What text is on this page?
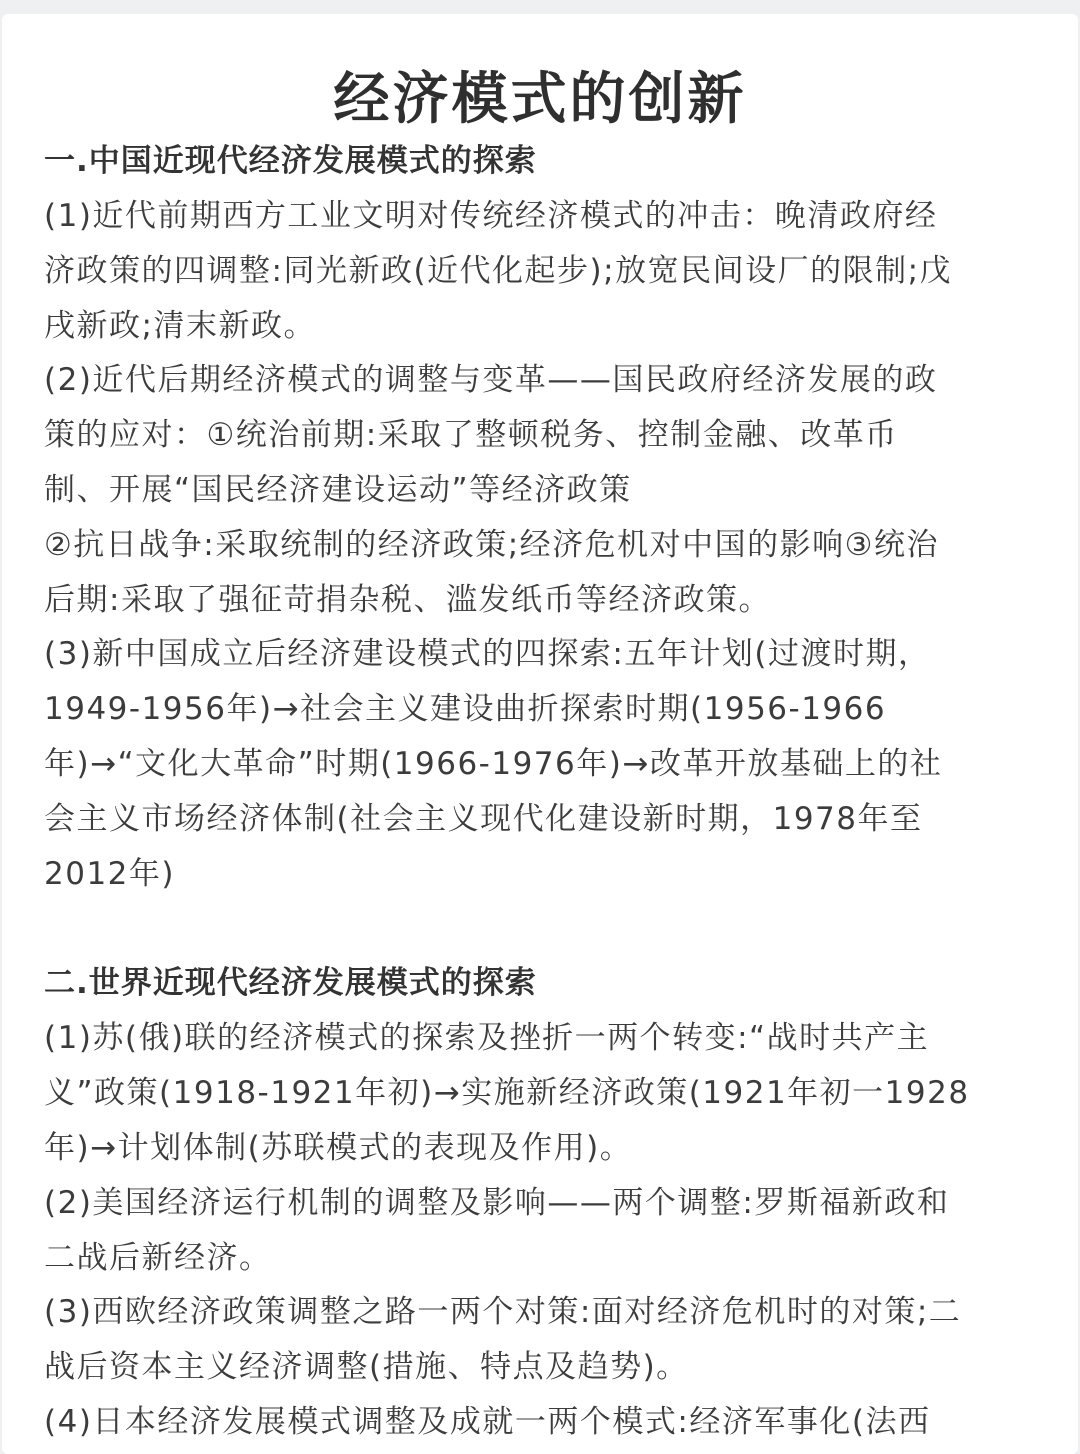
经济模式的创新
一.中国近现代经济发展模式的探索

(1)近代前期西方工业文明对传统经济模式的冲击：晚清政府经
济政策的四调整:同光新政(近代化起步);放宽民间设厂的限制;戊
戌新政;清末新政。

(2)近代后期经济模式的调整与变革——国民政府经济发展的政
策的应对：①统治前期:采取了整顿税务、控制金融、改革币
制、开展“国民经济建设运动”等经济政策
②抗日战争:采取统制的经济政策;经济危机对中国的影响③统治
后期:采取了强征苛捐杂税、滥发纸币等经济政策。

(3)新中国成立后经济建设模式的四探索:五年计划(过渡时期，
1949-1956年)→社会主义建设曲折探索时期(1956-1966
年)→“文化大革命”时期(1966-1976年)→改革开放基础上的社
会主义市场经济体制(社会主义现代化建设新时期，1978年至
2012年)

二.世界近现代经济发展模式的探索

(1)苏(俄)联的经济模式的探索及挫折一两个转变:“战时共产主
义”政策(1918-1921年初)→实施新经济政策(1921年初一1928
年)→计划体制(苏联模式的表现及作用)。

(2)美国经济运行机制的调整及影响——两个调整:罗斯福新政和
二战后新经济。

(3)西欧经济政策调整之路一两个对策:面对经济危机时的对策;二
战后资本主义经济调整(措施、特点及趋势)。

(4)日本经济发展模式调整及成就一两个模式:经济军事化(法西
